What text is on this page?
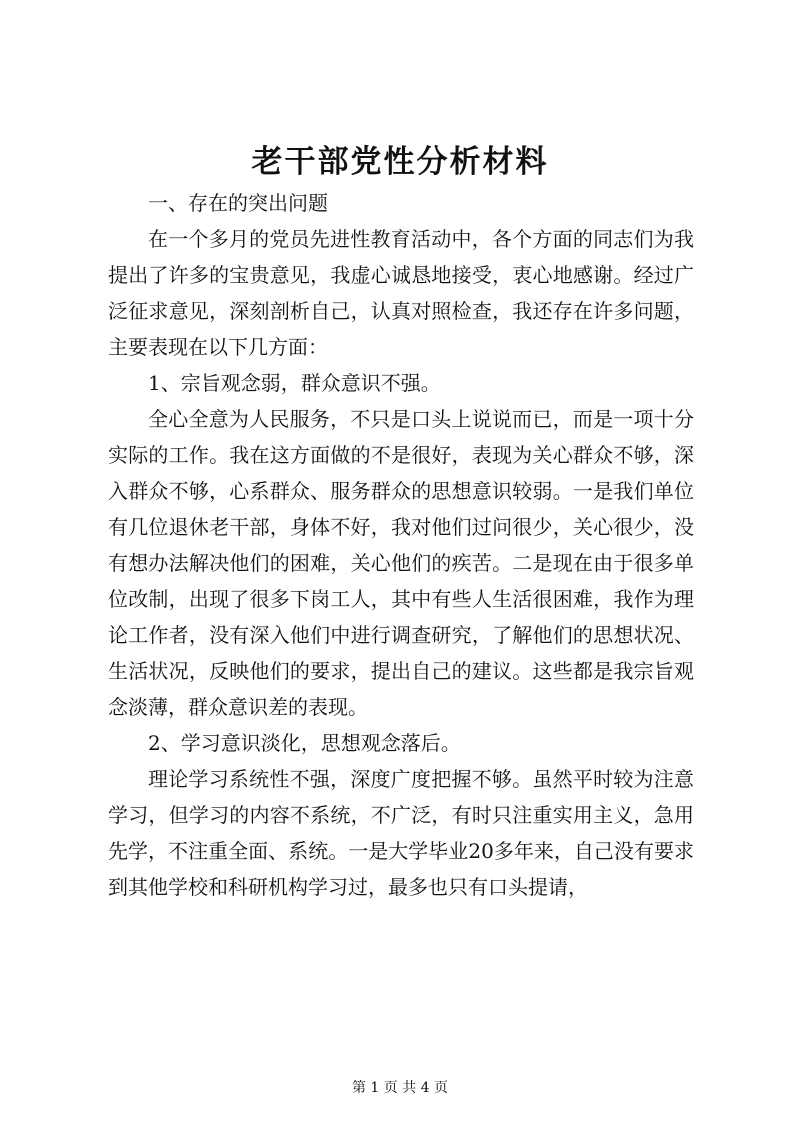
老干部党性分析材料

一、存在的突出问题

在一个多月的党员先进性教育活动中，各个方面的同志们为我提出了许多的宝贵意见，我虚心诚恳地接受，衷心地感谢。经过广泛征求意见，深刻剖析自己，认真对照检查，我还存在许多问题，主要表现在以下几方面：

1、宗旨观念弱，群众意识不强。

全心全意为人民服务，不只是口头上说说而已，而是一项十分实际的工作。我在这方面做的不是很好，表现为关心群众不够，深入群众不够，心系群众、服务群众的思想意识较弱。一是我们单位有几位退休老干部，身体不好，我对他们过问很少，关心很少，没有想办法解决他们的困难，关心他们的疾苦。二是现在由于很多单位改制，出现了很多下岗工人，其中有些人生活很困难，我作为理论工作者，没有深入他们中进行调查研究，了解他们的思想状况、生活状况，反映他们的要求，提出自己的建议。这些都是我宗旨观念淡薄，群众意识差的表现。

2、学习意识淡化，思想观念落后。

理论学习系统性不强，深度广度把握不够。虽然平时较为注意学习，但学习的内容不系统，不广泛，有时只注重实用主义，急用先学，不注重全面、系统。一是大学毕业20多年来，自己没有要求到其他学校和科研机构学习过，最多也只有口头提请，

第 1 页 共 4 页
